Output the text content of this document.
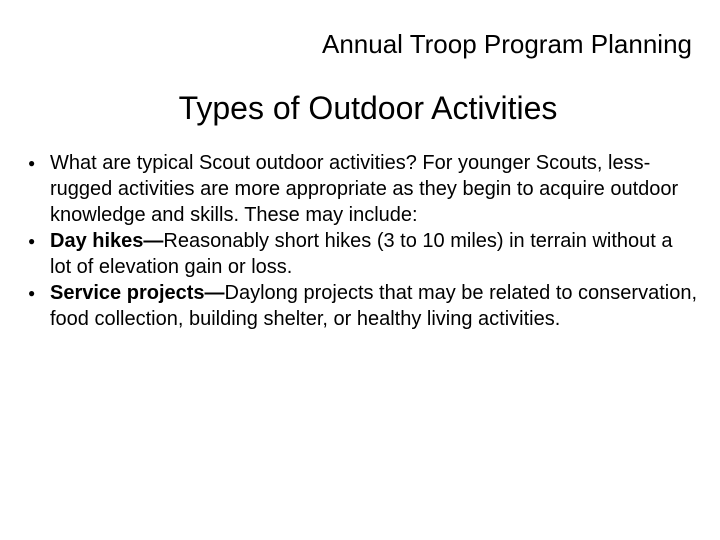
Annual Troop Program Planning
Types of Outdoor Activities
● What are typical Scout outdoor activities? For younger Scouts, less-rugged activities are more appropriate as they begin to acquire outdoor knowledge and skills. These may include:
● Day hikes—Reasonably short hikes (3 to 10 miles) in terrain without a lot of elevation gain or loss.
● Service projects—Daylong projects that may be related to conservation, food collection, building shelter, or healthy living activities.
